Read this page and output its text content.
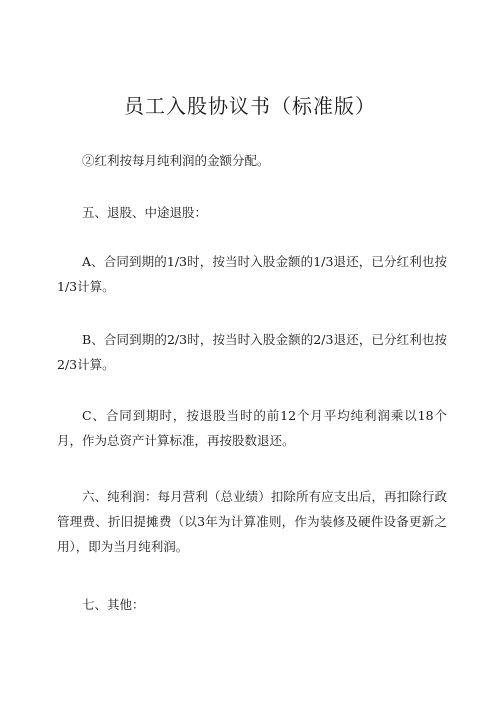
员工入股协议书（标准版）

②红利按每月纯利润的金额分配。

五、退股、中途退股：

A、合同到期的1/3时，按当时入股金额的1/3退还，已分红利也按1/3计算。

B、合同到期的2/3时，按当时入股金额的2/3退还，已分红利也按2/3计算。

C、合同到期时，按退股当时的前12个月平均纯利润乘以18个月，作为总资产计算标准，再按股数退还。

六、纯利润：每月营利（总业绩）扣除所有应支出后，再扣除行政管理费、折旧提摊费（以3年为计算准则，作为装修及硬件设备更新之用），即为当月纯利润。

七、其他：
